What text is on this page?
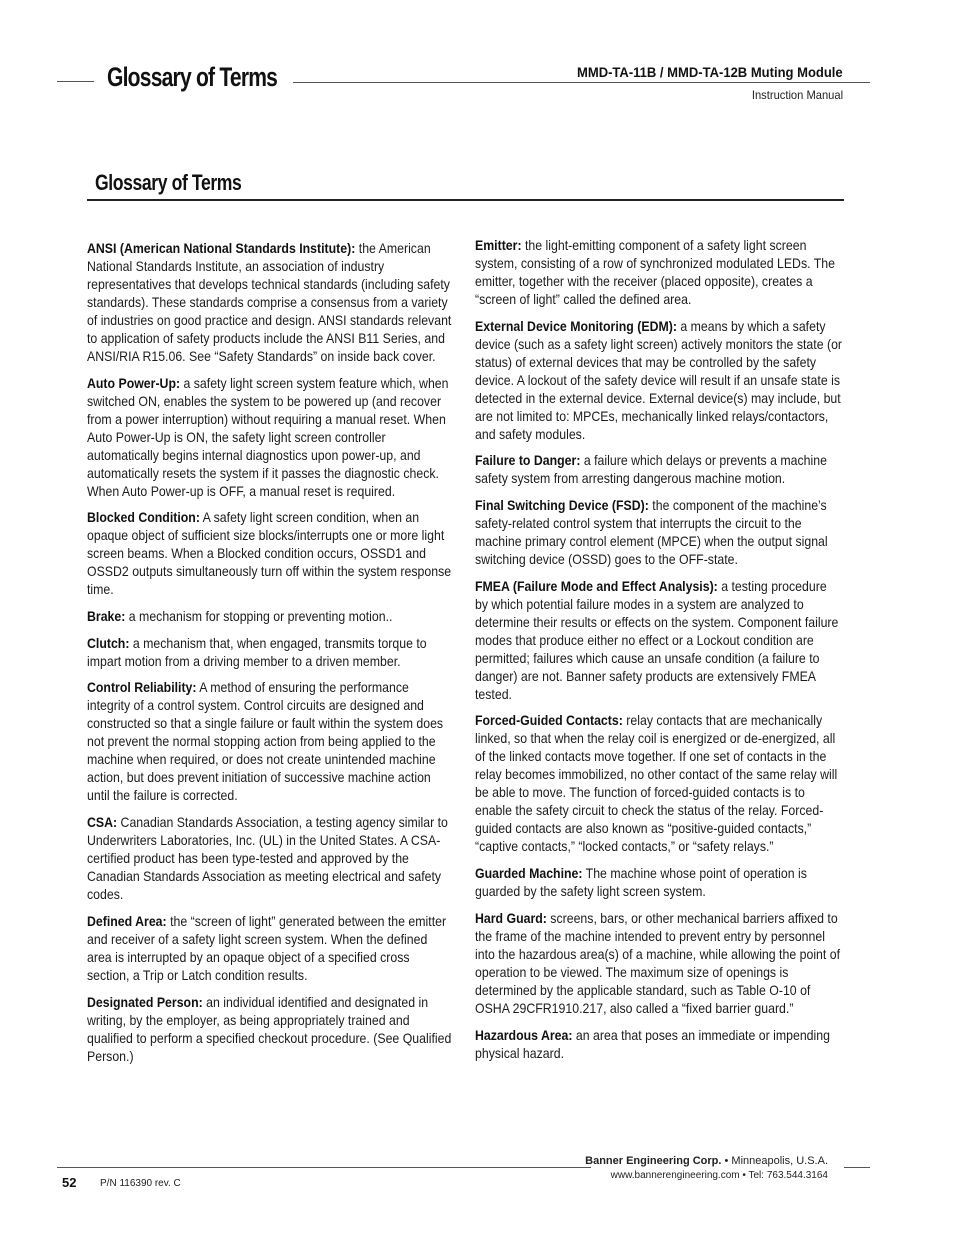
Glossary of Terms	MMD-TA-11B / MMD-TA-12B Muting Module
Instruction Manual
Glossary of Terms

ANSI (American National Standards Institute): the American National Standards Institute, an association of industry representatives that develops technical standards (including safety standards). These standards comprise a consensus from a variety of industries on good practice and design. ANSI standards relevant to application of safety products include the ANSI B11 Series, and ANSI/RIA R15.06. See “Safety Standards” on inside back cover.

Auto Power-Up: a safety light screen system feature which, when switched ON, enables the system to be powered up (and recover from a power interruption) without requiring a manual reset. When Auto Power-Up is ON, the safety light screen controller automatically begins internal diagnostics upon power-up, and automatically resets the system if it passes the diagnostic check. When Auto Power-up is OFF, a manual reset is required.

Blocked Condition: A safety light screen condition, when an opaque object of sufficient size blocks/interrupts one or more light screen beams. When a Blocked condition occurs, OSSD1 and OSSD2 outputs simultaneously turn off within the system response time.

Brake: a mechanism for stopping or preventing motion..

Clutch: a mechanism that, when engaged, transmits torque to impart motion from a driving member to a driven member.

Control Reliability: A method of ensuring the performance integrity of a control system. Control circuits are designed and constructed so that a single failure or fault within the system does not prevent the normal stopping action from being applied to the machine when required, or does not create unintended machine action, but does prevent initiation of successive machine action until the failure is corrected.

CSA: Canadian Standards Association, a testing agency similar to Underwriters Laboratories, Inc. (UL) in the United States. A CSA-certified product has been type-tested and approved by the Canadian Standards Association as meeting electrical and safety codes.

Defined Area: the “screen of light” generated between the emitter and receiver of a safety light screen system. When the defined area is interrupted by an opaque object of a specified cross section, a Trip or Latch condition results.

Designated Person: an individual identified and designated in writing, by the employer, as being appropriately trained and qualified to perform a specified checkout procedure. (See Qualified Person.)

Emitter: the light-emitting component of a safety light screen system, consisting of a row of synchronized modulated LEDs. The emitter, together with the receiver (placed opposite), creates a “screen of light” called the defined area.

External Device Monitoring (EDM): a means by which a safety device (such as a safety light screen) actively monitors the state (or status) of external devices that may be controlled by the safety device. A lockout of the safety device will result if an unsafe state is detected in the external device. External device(s) may include, but are not limited to: MPCEs, mechanically linked relays/contactors, and safety modules.

Failure to Danger: a failure which delays or prevents a machine safety system from arresting dangerous machine motion.

Final Switching Device (FSD): the component of the machine’s safety-related control system that interrupts the circuit to the machine primary control element (MPCE) when the output signal switching device (OSSD) goes to the OFF-state.

FMEA (Failure Mode and Effect Analysis): a testing procedure by which potential failure modes in a system are analyzed to determine their results or effects on the system. Component failure modes that produce either no effect or a Lockout condition are permitted; failures which cause an unsafe condition (a failure to danger) are not. Banner safety products are extensively FMEA tested.

Forced-Guided Contacts: relay contacts that are mechanically linked, so that when the relay coil is energized or de-energized, all of the linked contacts move together. If one set of contacts in the relay becomes immobilized, no other contact of the same relay will be able to move. The function of forced-guided contacts is to enable the safety circuit to check the status of the relay. Forced-guided contacts are also known as “positive-guided contacts,” “captive contacts,” “locked contacts,” or “safety relays.”

Guarded Machine: The machine whose point of operation is guarded by the safety light screen system.

Hard Guard: screens, bars, or other mechanical barriers affixed to the frame of the machine intended to prevent entry by personnel into the hazardous area(s) of a machine, while allowing the point of operation to be viewed. The maximum size of openings is determined by the applicable standard, such as Table O-10 of OSHA 29CFR1910.217, also called a “fixed barrier guard.”

Hazardous Area: an area that poses an immediate or impending physical hazard.

Banner Engineering Corp. • Minneapolis, U.S.A.
www.bannerengineering.com • Tel: 763.544.3164
52 P/N 116390 rev. C
